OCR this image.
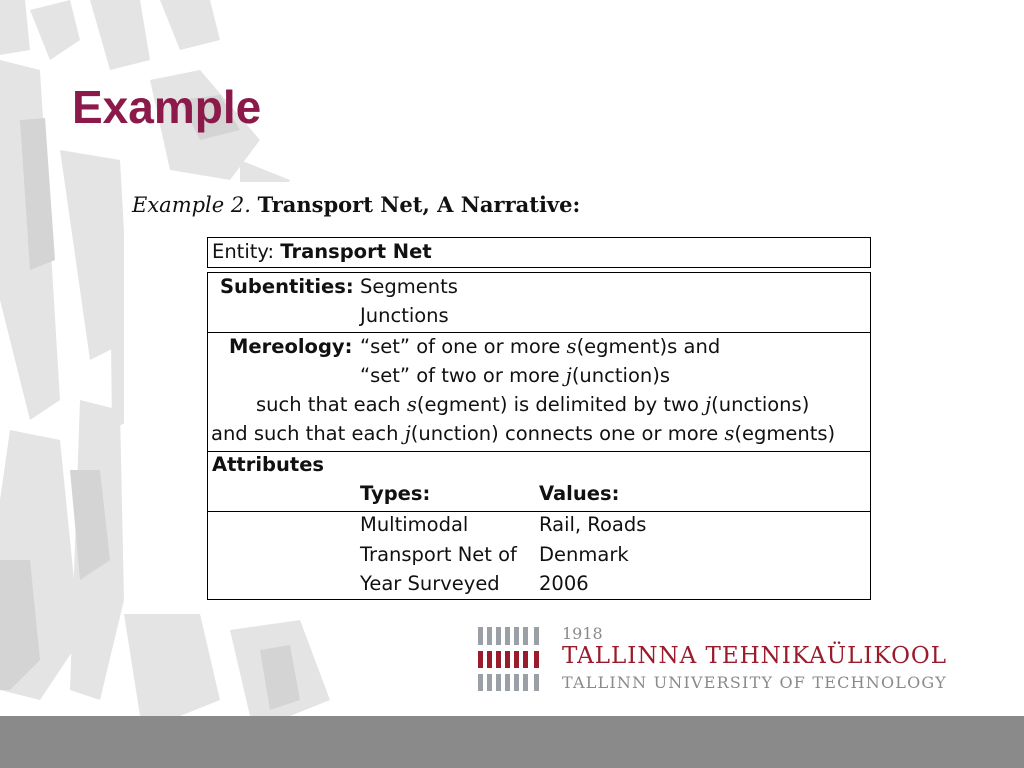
Example
Example 2. Transport Net, A Narrative:
Entity: Transport Net
Subentities: Segments
Junctions
Mereology: “set” of one or more s(egment)s and
“set” of two or more j(unction)s
such that each s(egment) is delimited by two j(unctions)
and such that each j(unction) connects one or more s(egments)
Attributes
Types:	Values:
Multimodal	Rail, Roads
Transport Net of Denmark
Year Surveyed 2006
1918
TALLINNA TEHNIKAÜLIKOOL
TALLINN UNIVERSITY OF TECHNOLOGY
